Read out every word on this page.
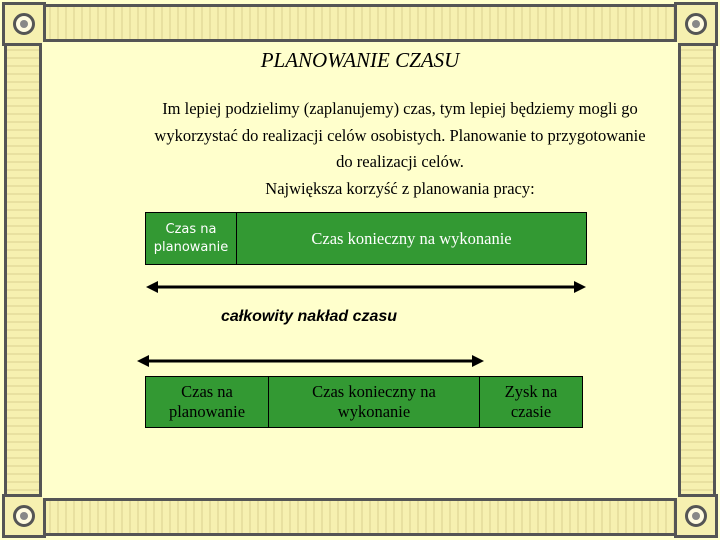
PLANOWANIE CZASU
Im lepiej podzielimy (zaplanujemy) czas, tym lepiej będziemy mogli go
wykorzystać do realizacji celów osobistych. Planowanie to przygotowanie
do realizacji celów.
Największa korzyść z planowania pracy:
Czas na planowanie	Czas konieczny na wykonanie
całkowity nakład czasu
Czas na planowanie
Czas konieczny na wykonanie
Zysk na czasie
